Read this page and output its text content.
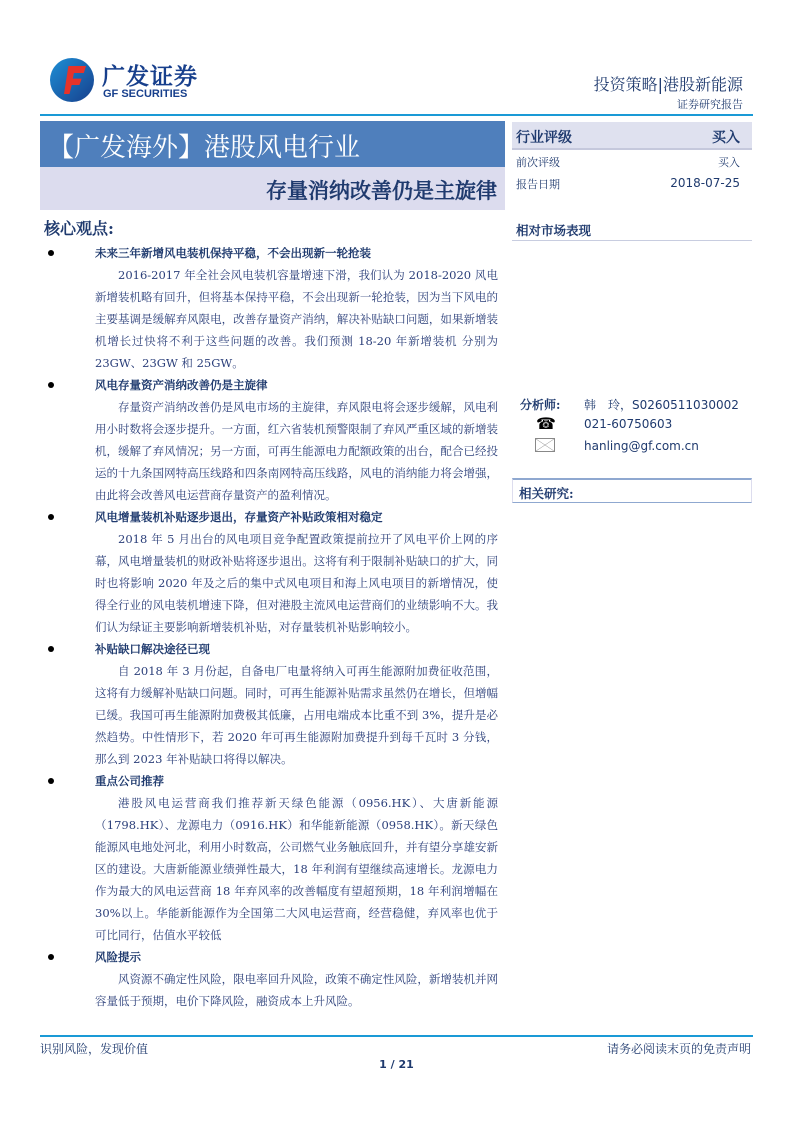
广发证券
GF SECURITIES	投资策略|港股新能源
证券研究报告
【广发海外】港股风电行业
存量消纳改善仍是主旋律
行业评级	买入
前次评级	买入
报告日期	2018-07-25
相对市场表现
分析师: 韩　玲，S0260511030002
☎ 021-60750603
hanling@gf.com.cn
相关研究:
核心观点:
未来三年新增风电装机保持平稳，不会出现新一轮抢装
2016-2017 年全社会风电装机容量增速下滑，我们认为 2018-2020 风电新增装机略有回升，但将基本保持平稳，不会出现新一轮抢装，因为当下风电的主要基调是缓解弃风限电，改善存量资产消纳，解决补贴缺口问题，如果新增装机增长过快将不利于这些问题的改善。我们预测 18-20 年新增装机 分别为 23GW、23GW 和 25GW。
风电存量资产消纳改善仍是主旋律
存量资产消纳改善仍是风电市场的主旋律，弃风限电将会逐步缓解，风电利用小时数将会逐步提升。一方面，红六省装机预警限制了弃风严重区域的新增装机，缓解了弃风情况；另一方面，可再生能源电力配额政策的出台，配合已经投运的十九条国网特高压线路和四条南网特高压线路，风电的消纳能力将会增强，由此将会改善风电运营商存量资产的盈利情况。
风电增量装机补贴逐步退出，存量资产补贴政策相对稳定
2018 年 5 月出台的风电项目竞争配置政策提前拉开了风电平价上网的序幕，风电增量装机的财政补贴将逐步退出。这将有利于限制补贴缺口的扩大，同时也将影响 2020 年及之后的集中式风电项目和海上风电项目的新增情况，使得全行业的风电装机增速下降，但对港股主流风电运营商们的业绩影响不大。我们认为绿证主要影响新增装机补贴，对存量装机补贴影响较小。
补贴缺口解决途径已现
自 2018 年 3 月份起，自备电厂电量将纳入可再生能源附加费征收范围，这将有力缓解补贴缺口问题。同时，可再生能源补贴需求虽然仍在增长，但增幅已缓。我国可再生能源附加费极其低廉，占用电端成本比重不到 3%，提升是必然趋势。中性情形下，若 2020 年可再生能源附加费提升到每千瓦时 3 分钱，那么到 2023 年补贴缺口将得以解决。
重点公司推荐
港股风电运营商我们推荐新天绿色能源（0956.HK）、大唐新能源（1798.HK）、龙源电力（0916.HK）和华能新能源（0958.HK）。新天绿色能源风电地处河北，利用小时数高，公司燃气业务触底回升，并有望分享雄安新区的建设。大唐新能源业绩弹性最大，18 年利润有望继续高速增长。龙源电力作为最大的风电运营商 18 年弃风率的改善幅度有望超预期，18 年利润增幅在 30%以上。华能新能源作为全国第二大风电运营商，经营稳健，弃风率也优于可比同行，估值水平较低
风险提示
风资源不确定性风险，限电率回升风险，政策不确定性风险，新增装机并网容量低于预期，电价下降风险，融资成本上升风险。
识别风险，发现价值	请务必阅读末页的免责声明
1 / 21
